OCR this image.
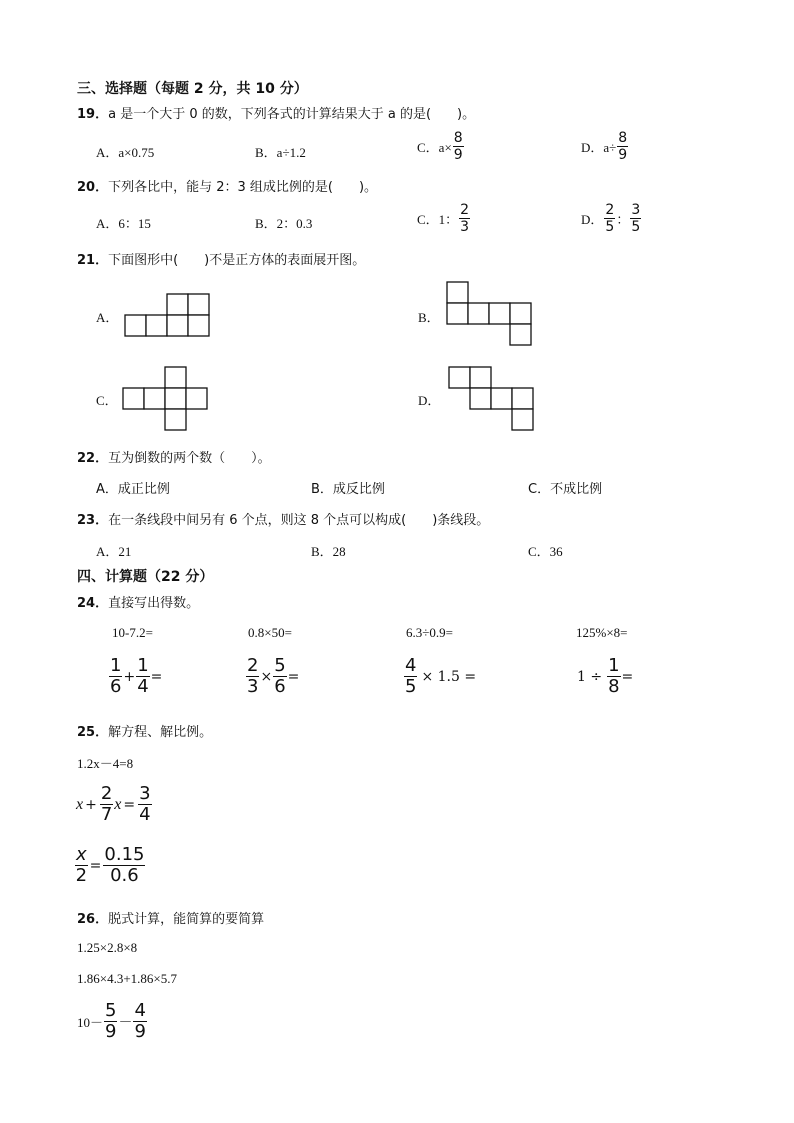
三、选择题（每题 2 分，共 10 分）
19．a 是一个大于 0 的数，下列各式的计算结果大于 a 的是(　　)。
A．a×0.75	B．a÷1.2	C．$a\times \frac{8}{9}$	D．$a\div \frac{8}{9}$
20．下列各比中，能与 2：3 组成比例的是(　　)。
A．6：15	B．2：0.3	C．1： $\frac{2}{3}$	D． $\frac{2}{5}$ ： $\frac{3}{5}$
21．下面图形中(　　)不是正方体的表面展开图。
A．	B．
C．	D．
22．互为倒数的两个数（　　）。
A．成正比例	B．成反比例	C．不成比例
23．在一条线段中间另有 6 个点，则这 8 个点可以构成(　　)条线段。
A．21	B．28	C．36
四、计算题（22 分）
24．直接写出得数。
10-7.2=	0.8×50=	6.3÷0.9=	125%×8=
$\frac{1}{6} + \frac{1}{4}$ =	$\frac{2}{3} \times \frac{5}{6}$ =	$\frac{4}{5} \times 1.5$ =	$1 \div \frac{1}{8}$ =
25．解方程、解比例。
1.2x－4=8
$x + \frac{2}{7}$ $x = \frac{3}{4}$
$\frac{x}{2} = \frac{0.15}{0.6}$
26．脱式计算，能简算的要简算
1.25×2.8×8
1.86×4.3+1.86×5.7
$10- \frac{5}{9} - \frac{4}{9}$
